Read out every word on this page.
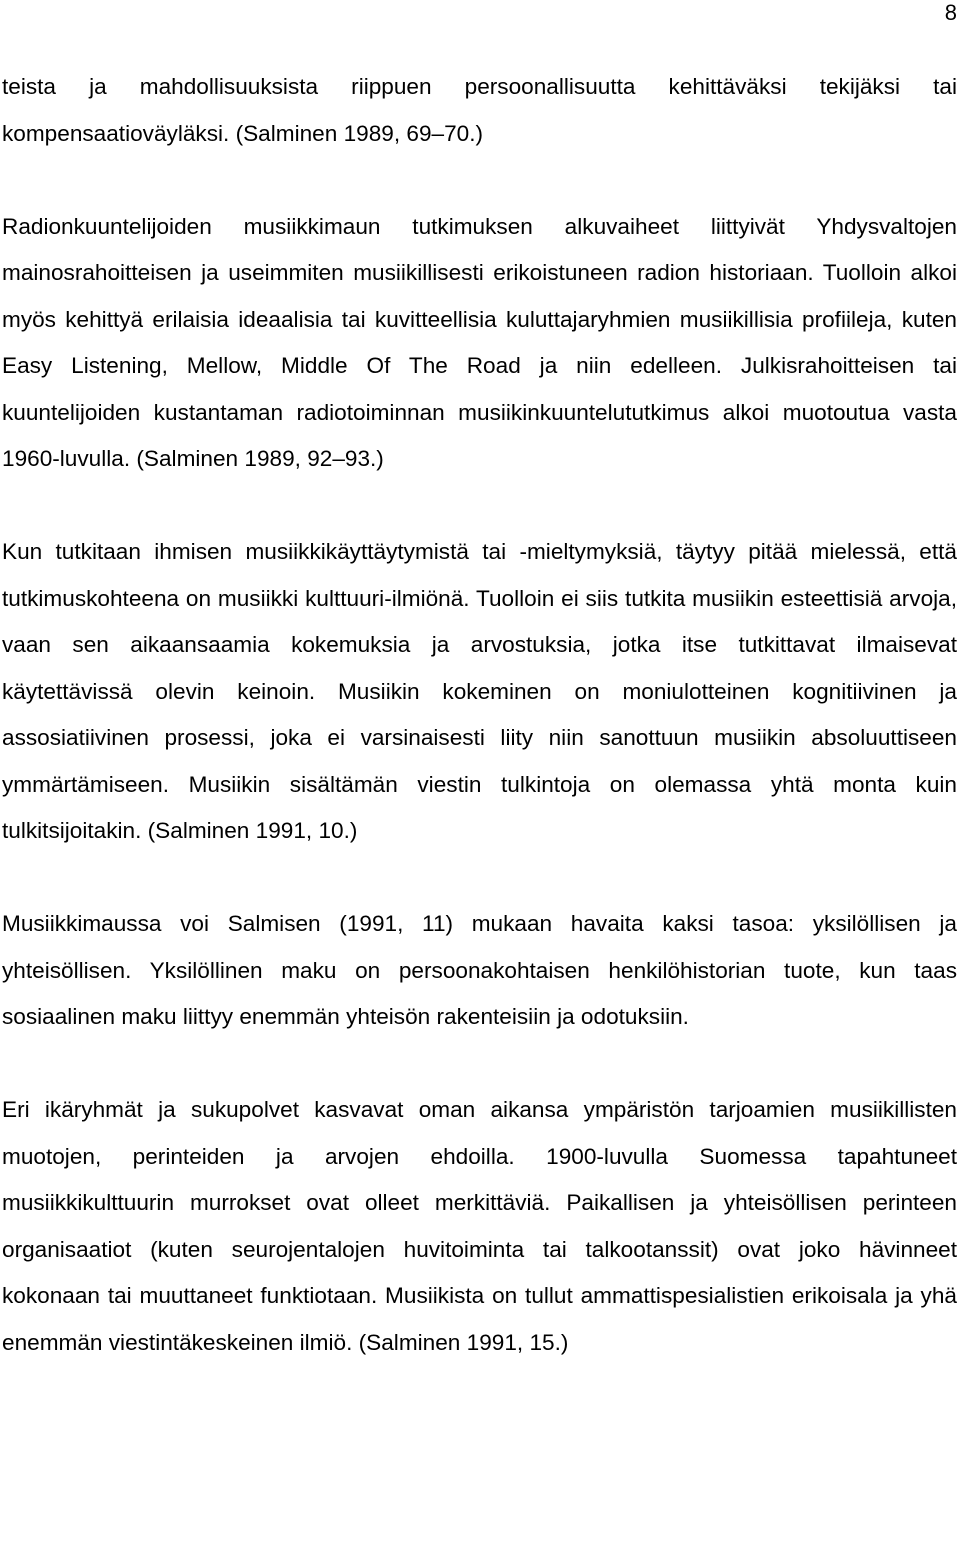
8

teista ja mahdollisuuksista riippuen persoonallisuutta kehittäväksi tekijäksi tai kompensaatioväyläksi. (Salminen 1989, 69–70.)

Radionkuuntelijoiden musiikkimaun tutkimuksen alkuvaiheet liittyivät Yhdysvaltojen mainosrahoitteisen ja useimmiten musiikillisesti erikoistuneen radion historiaan. Tuolloin alkoi myös kehittyä erilaisia ideaalisia tai kuvitteellisia kuluttajaryhmien musiikillisia profiileja, kuten Easy Listening, Mellow, Middle Of The Road ja niin edelleen. Julkisrahoitteisen tai kuuntelijoiden kustantaman radiotoiminnan musiikinkuuntelututkimus alkoi muotoutua vasta 1960-luvulla. (Salminen 1989, 92–93.)

Kun tutkitaan ihmisen musiikkikäyttäytymistä tai -mieltymyksiä, täytyy pitää mielessä, että tutkimuskohteena on musiikki kulttuuri-ilmiönä. Tuolloin ei siis tutkita musiikin esteettisiä arvoja, vaan sen aikaansaamia kokemuksia ja arvostuksia, jotka itse tutkittavat ilmaisevat käytettävissä olevin keinoin. Musiikin kokeminen on moniulotteinen kognitiivinen ja assosiatiivinen prosessi, joka ei varsinaisesti liity niin sanottuun musiikin absoluuttiseen ymmärtämiseen. Musiikin sisältämän viestin tulkintoja on olemassa yhtä monta kuin tulkitsijoitakin. (Salminen 1991, 10.)

Musiikkimaussa voi Salmisen (1991, 11) mukaan havaita kaksi tasoa: yksilöllisen ja yhteisöllisen. Yksilöllinen maku on persoonakohtaisen henkilöhistorian tuote, kun taas sosiaalinen maku liittyy enemmän yhteisön rakenteisiin ja odotuksiin.

Eri ikäryhmät ja sukupolvet kasvavat oman aikansa ympäristön tarjoamien musiikillisten muotojen, perinteiden ja arvojen ehdoilla. 1900-luvulla Suomessa tapahtuneet musiikkikulttuurin murrokset ovat olleet merkittäviä. Paikallisen ja yhteisöllisen perinteen organisaatiot (kuten seurojentalojen huvitoiminta tai talkootanssit) ovat joko hävinneet kokonaan tai muuttaneet funktiotaan. Musiikista on tullut ammattispesialistien erikoisala ja yhä enemmän viestintäkeskeinen ilmiö. (Salminen 1991, 15.)
